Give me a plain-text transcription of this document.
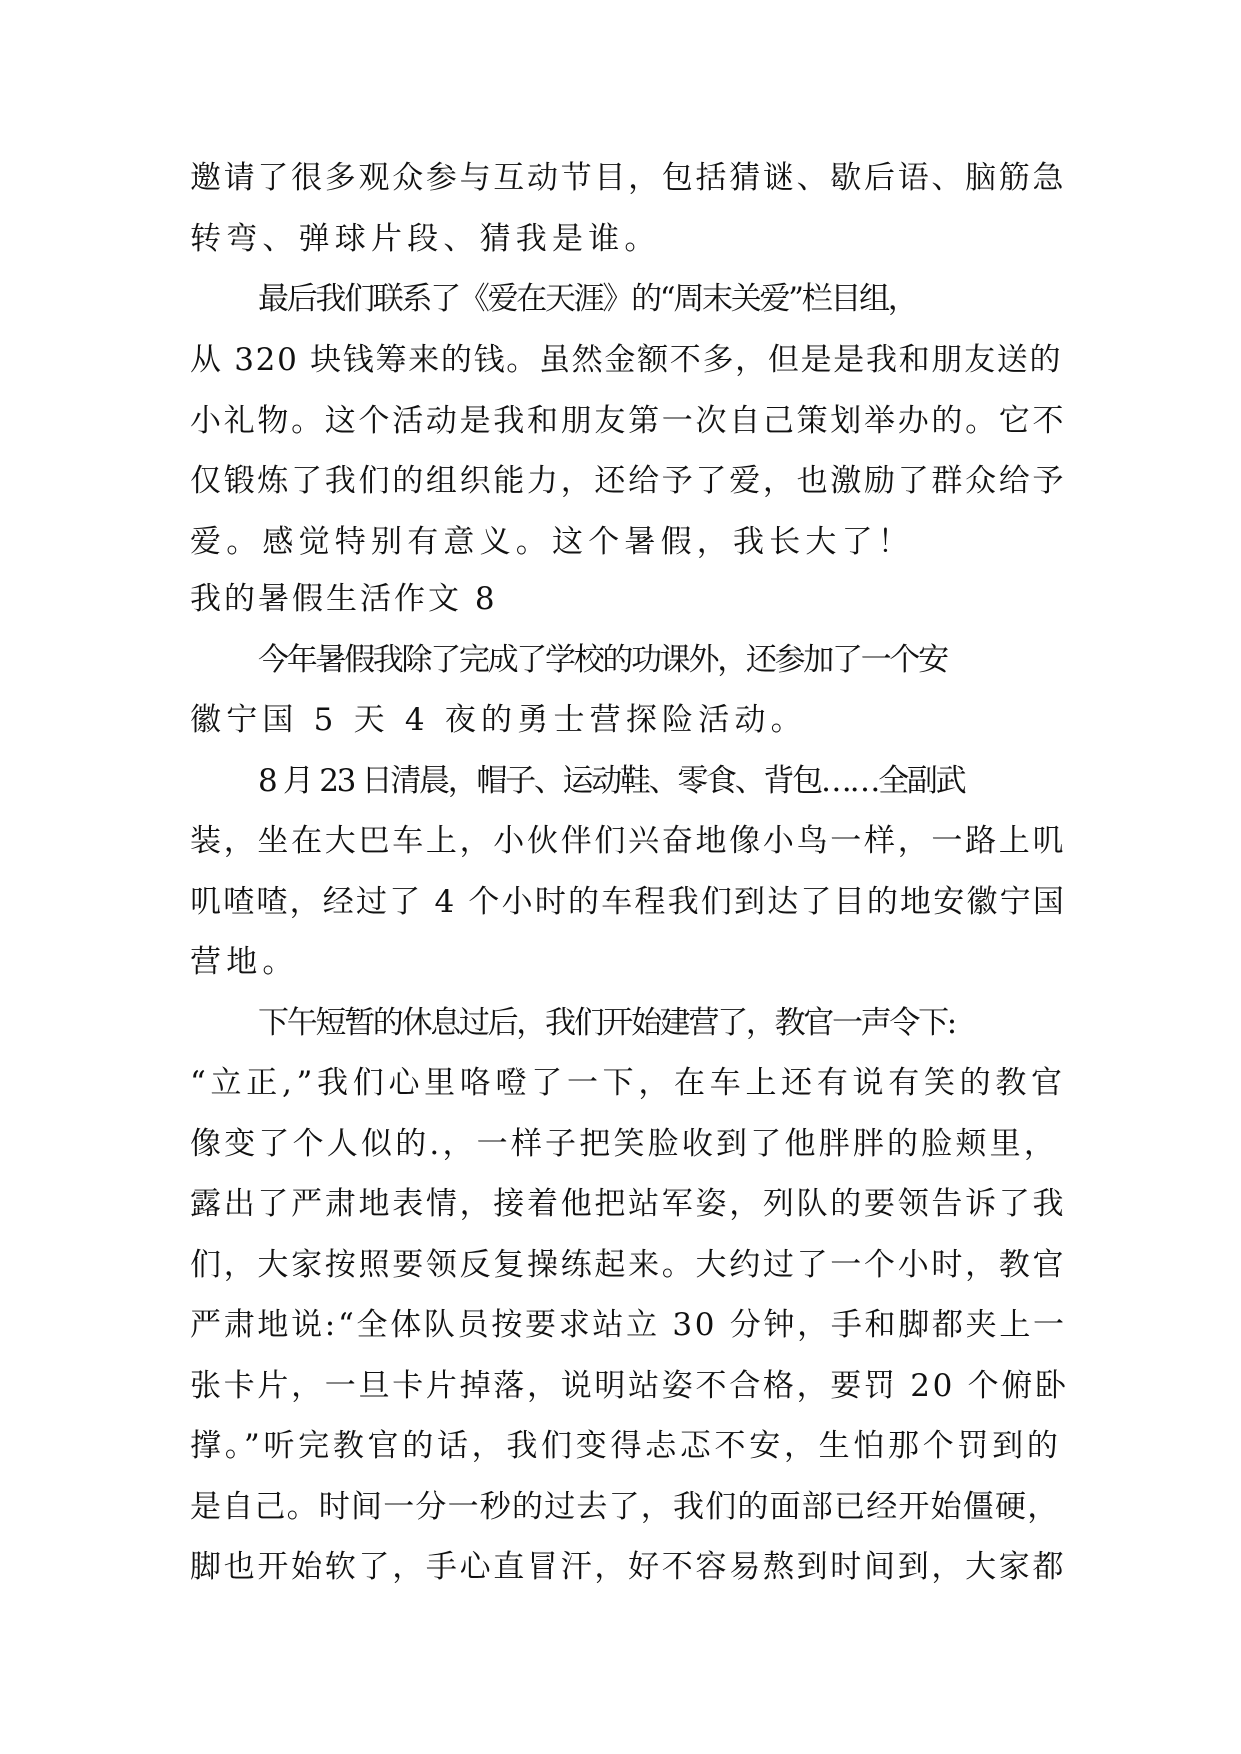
邀请了很多观众参与互动节目，包括猜谜、歇后语、脑筋急
转弯、弹球片段、猜我是谁。
最后我们联系了《爱在天涯》的“周末关爱”栏目组，
从 320 块钱筹来的钱。虽然金额不多，但是是我和朋友送的
小礼物。这个活动是我和朋友第一次自己策划举办的。它不
仅锻炼了我们的组织能力，还给予了爱，也激励了群众给予
爱。感觉特别有意义。这个暑假，我长大了！
我的暑假生活作文 8
今年暑假我除了完成了学校的功课外，还参加了一个安
徽宁国 5 天 4 夜的勇士营探险活动。
8 月 23 日清晨，帽子、运动鞋、零食、背包……全副武
装，坐在大巴车上，小伙伴们兴奋地像小鸟一样，一路上叽
叽喳喳，经过了 4 个小时的车程我们到达了目的地安徽宁国
营地。
下午短暂的休息过后，我们开始建营了，教官一声令下:
“立正,”我们心里咯噔了一下，在车上还有说有笑的教官
像变了个人似的.，一样子把笑脸收到了他胖胖的脸颊里，
露出了严肃地表情，接着他把站军姿，列队的要领告诉了我
们，大家按照要领反复操练起来。大约过了一个小时，教官
严肃地说:“全体队员按要求站立 30 分钟，手和脚都夹上一
张卡片，一旦卡片掉落，说明站姿不合格，要罚 20 个俯卧
撑。”听完教官的话，我们变得忐忑不安，生怕那个罚到的
是自己。时间一分一秒的过去了，我们的面部已经开始僵硬，
脚也开始软了，手心直冒汗，好不容易熬到时间到，大家都
